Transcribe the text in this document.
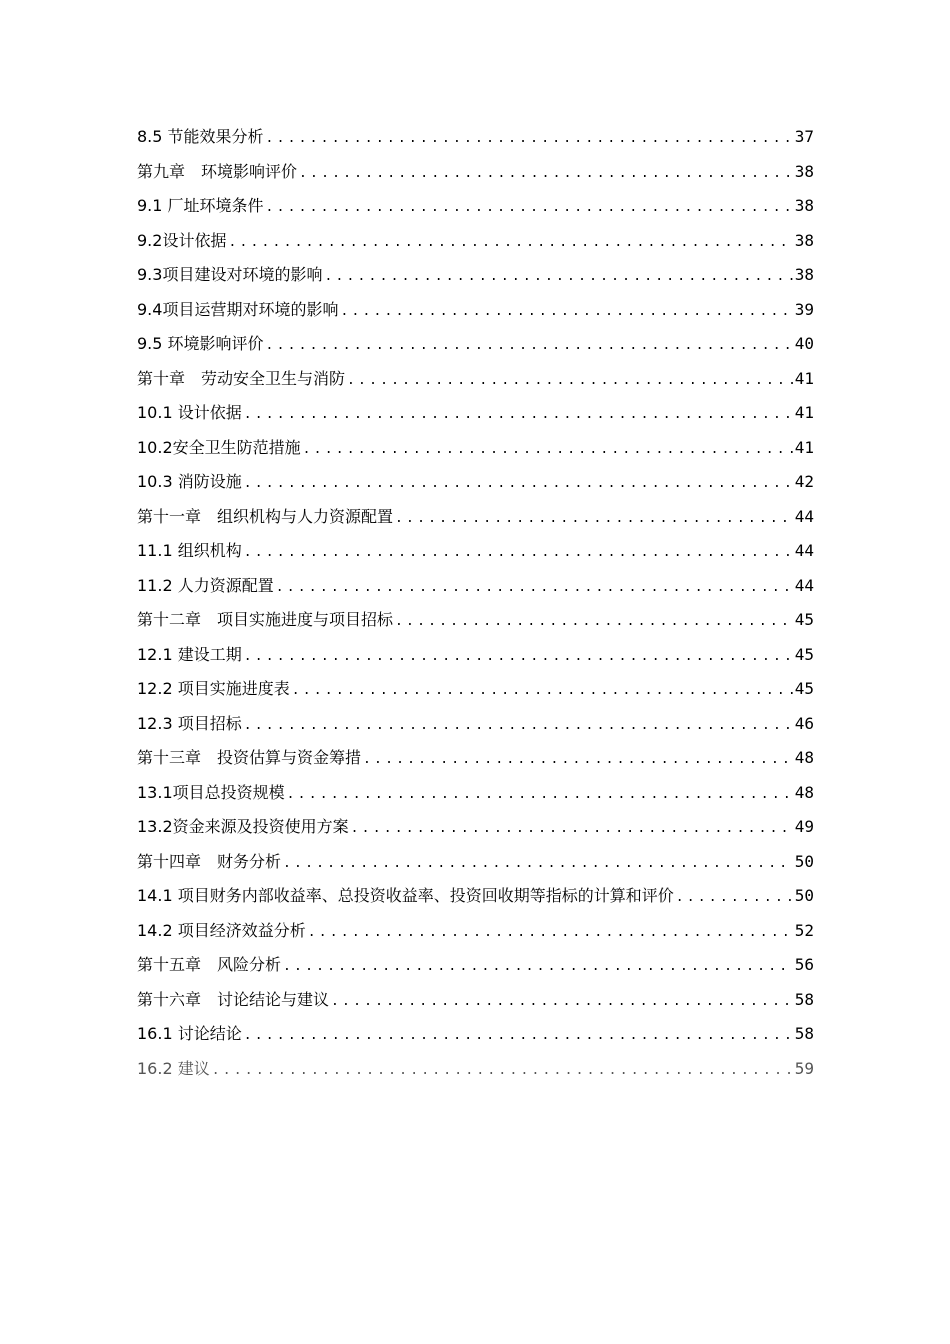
8.5 节能效果分析 .....	37
第九章　环境影响评价 .....	38
9.1 厂址环境条件 .....	38
9.2设计依据 .....	38
9.3项目建设对环境的影响 .....	38
9.4项目运营期对环境的影响 .....	39
9.5 环境影响评价 .....	40
第十章　劳动安全卫生与消防 .....	41
10.1 设计依据 .....	41
10.2安全卫生防范措施 .....	41
10.3 消防设施 .....	42
第十一章　组织机构与人力资源配置 .....	44
11.1 组织机构 .....	44
11.2 人力资源配置 .....	44
第十二章　项目实施进度与项目招标 .....	45
12.1 建设工期 .....	45
12.2 项目实施进度表 .....	45
12.3 项目招标 .....	46
第十三章　投资估算与资金筹措 .....	48
13.1项目总投资规模 .....	48
13.2资金来源及投资使用方案 .....	49
第十四章　财务分析 .....	50
14.1 项目财务内部收益率、总投资收益率、投资回收期等指标的计算和评价 .....	50
14.2 项目经济效益分析 .....	52
第十五章　风险分析 .....	56
第十六章　讨论结论与建议 .....	58
16.1 讨论结论 .....	58
16.2 建议 .....	59
